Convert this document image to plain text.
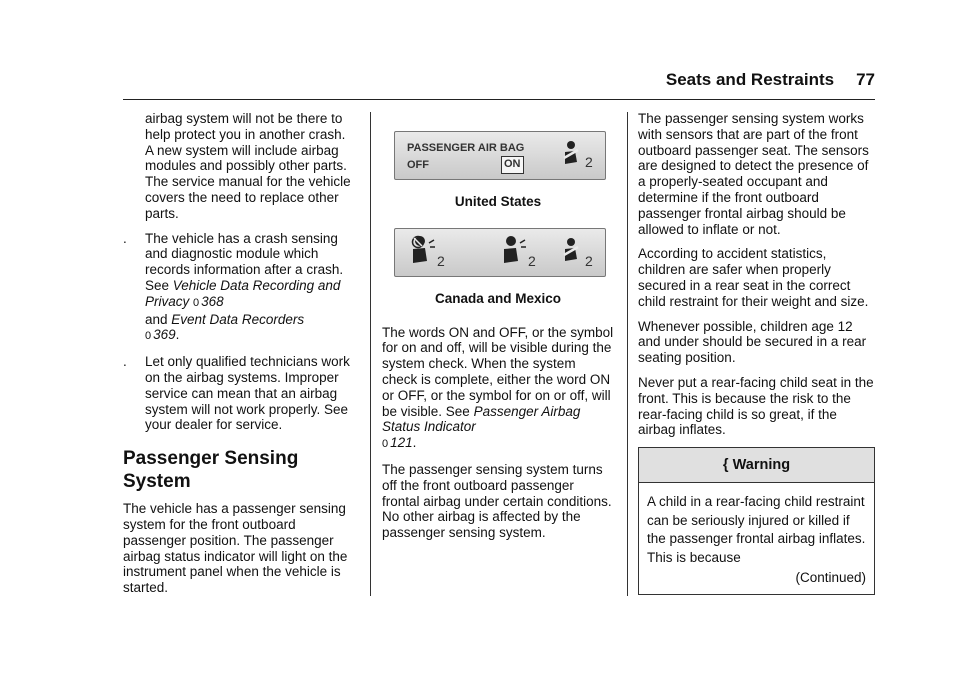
Seats and Restraints 77

airbag system will not be there to help protect you in another crash. A new system will include airbag modules and possibly other parts. The service manual for the vehicle covers the need to replace other parts.

. The vehicle has a crash sensing and diagnostic module which records information after a crash. See Vehicle Data Recording and Privacy 0 368
and Event Data Recorders
0 369.
. Let only qualified technicians work on the airbag systems. Improper service can mean that an airbag system will not work properly. See your dealer for service.
Passenger Sensing
System

The vehicle has a passenger sensing system for the front outboard passenger position. The passenger airbag status indicator will light on the instrument panel when the vehicle is started.

PASSENGER AIR BAG
OFF	ON	2
United States
2	2	2
Canada and Mexico

The words ON and OFF, or the symbol for on and off, will be visible during the system check. When the system check is complete, either the word ON or OFF, or the symbol for on or off, will be visible. See Passenger Airbag Status Indicator
0 121.

The passenger sensing system turns off the front outboard passenger frontal airbag under certain conditions. No other airbag is affected by the passenger sensing system.

The passenger sensing system works with sensors that are part of the front outboard passenger seat. The sensors are designed to detect the presence of a properly-seated occupant and determine if the front outboard passenger frontal airbag should be allowed to inflate or not.

According to accident statistics, children are safer when properly secured in a rear seat in the correct child restraint for their weight and size.

Whenever possible, children age 12 and under should be secured in a rear seating position.

Never put a rear-facing child seat in the front. This is because the risk to the rear-facing child is so great, if the airbag inflates.

{ Warning
A child in a rear-facing child restraint can be seriously injured or killed if the passenger frontal airbag inflates. This is because
(Continued)
